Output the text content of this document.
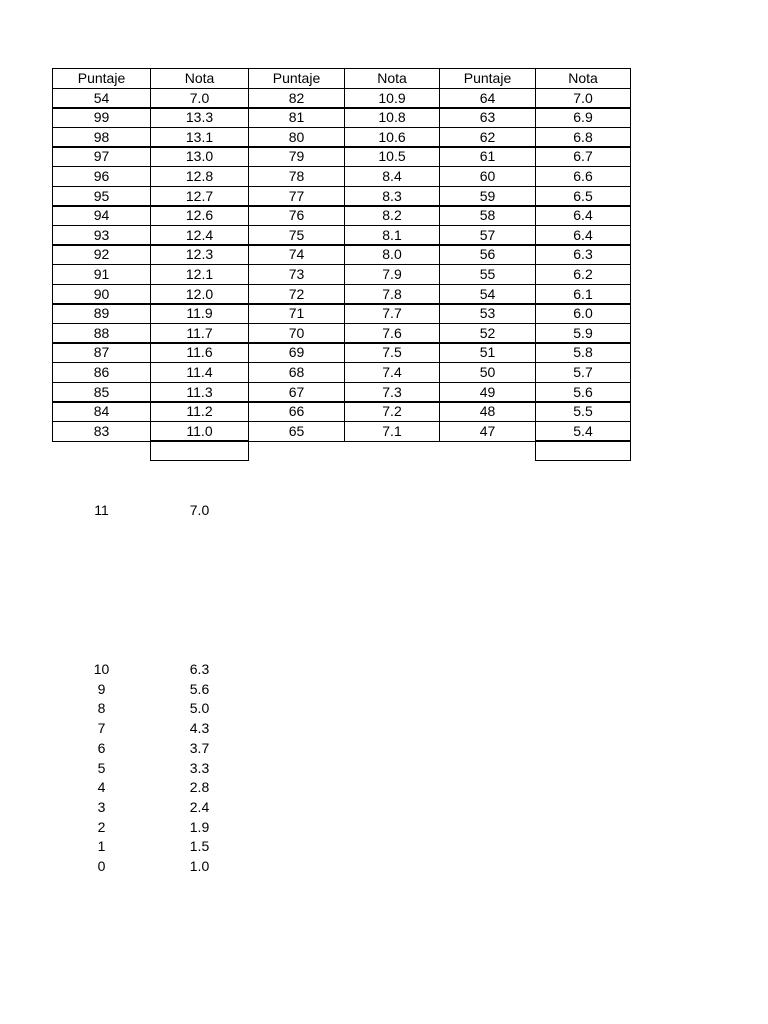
Puntaje	Nota	Puntaje	Nota	Puntaje	Nota
54	7.0	82	10.9	64	7.0
99	13.3	81	10.8	63	6.9
98	13.1	80	10.6	62	6.8
97	13.0	79	10.5	61	6.7
96	12.8	78	8.4	60	6.6
95	12.7	77	8.3	59	6.5
94	12.6	76	8.2	58	6.4
93	12.4	75	8.1	57	6.4
92	12.3	74	8.0	56	6.3
91	12.1	73	7.9	55	6.2
90	12.0	72	7.8	54	6.1
89	11.9	71	7.7	53	6.0
88	11.7	70	7.6	52	5.9
87	11.6	69	7.5	51	5.8
86	11.4	68	7.4	50	5.7
85	11.3	67	7.3	49	5.6
84	11.2	66	7.2	48	5.5
83	11.0	65	7.1	47	5.4
11	7.0
10	6.3
9	5.6
8	5.0
7	4.3
6	3.7
5	3.3
4	2.8
3	2.4
2	1.9
1	1.5
0	1.0
